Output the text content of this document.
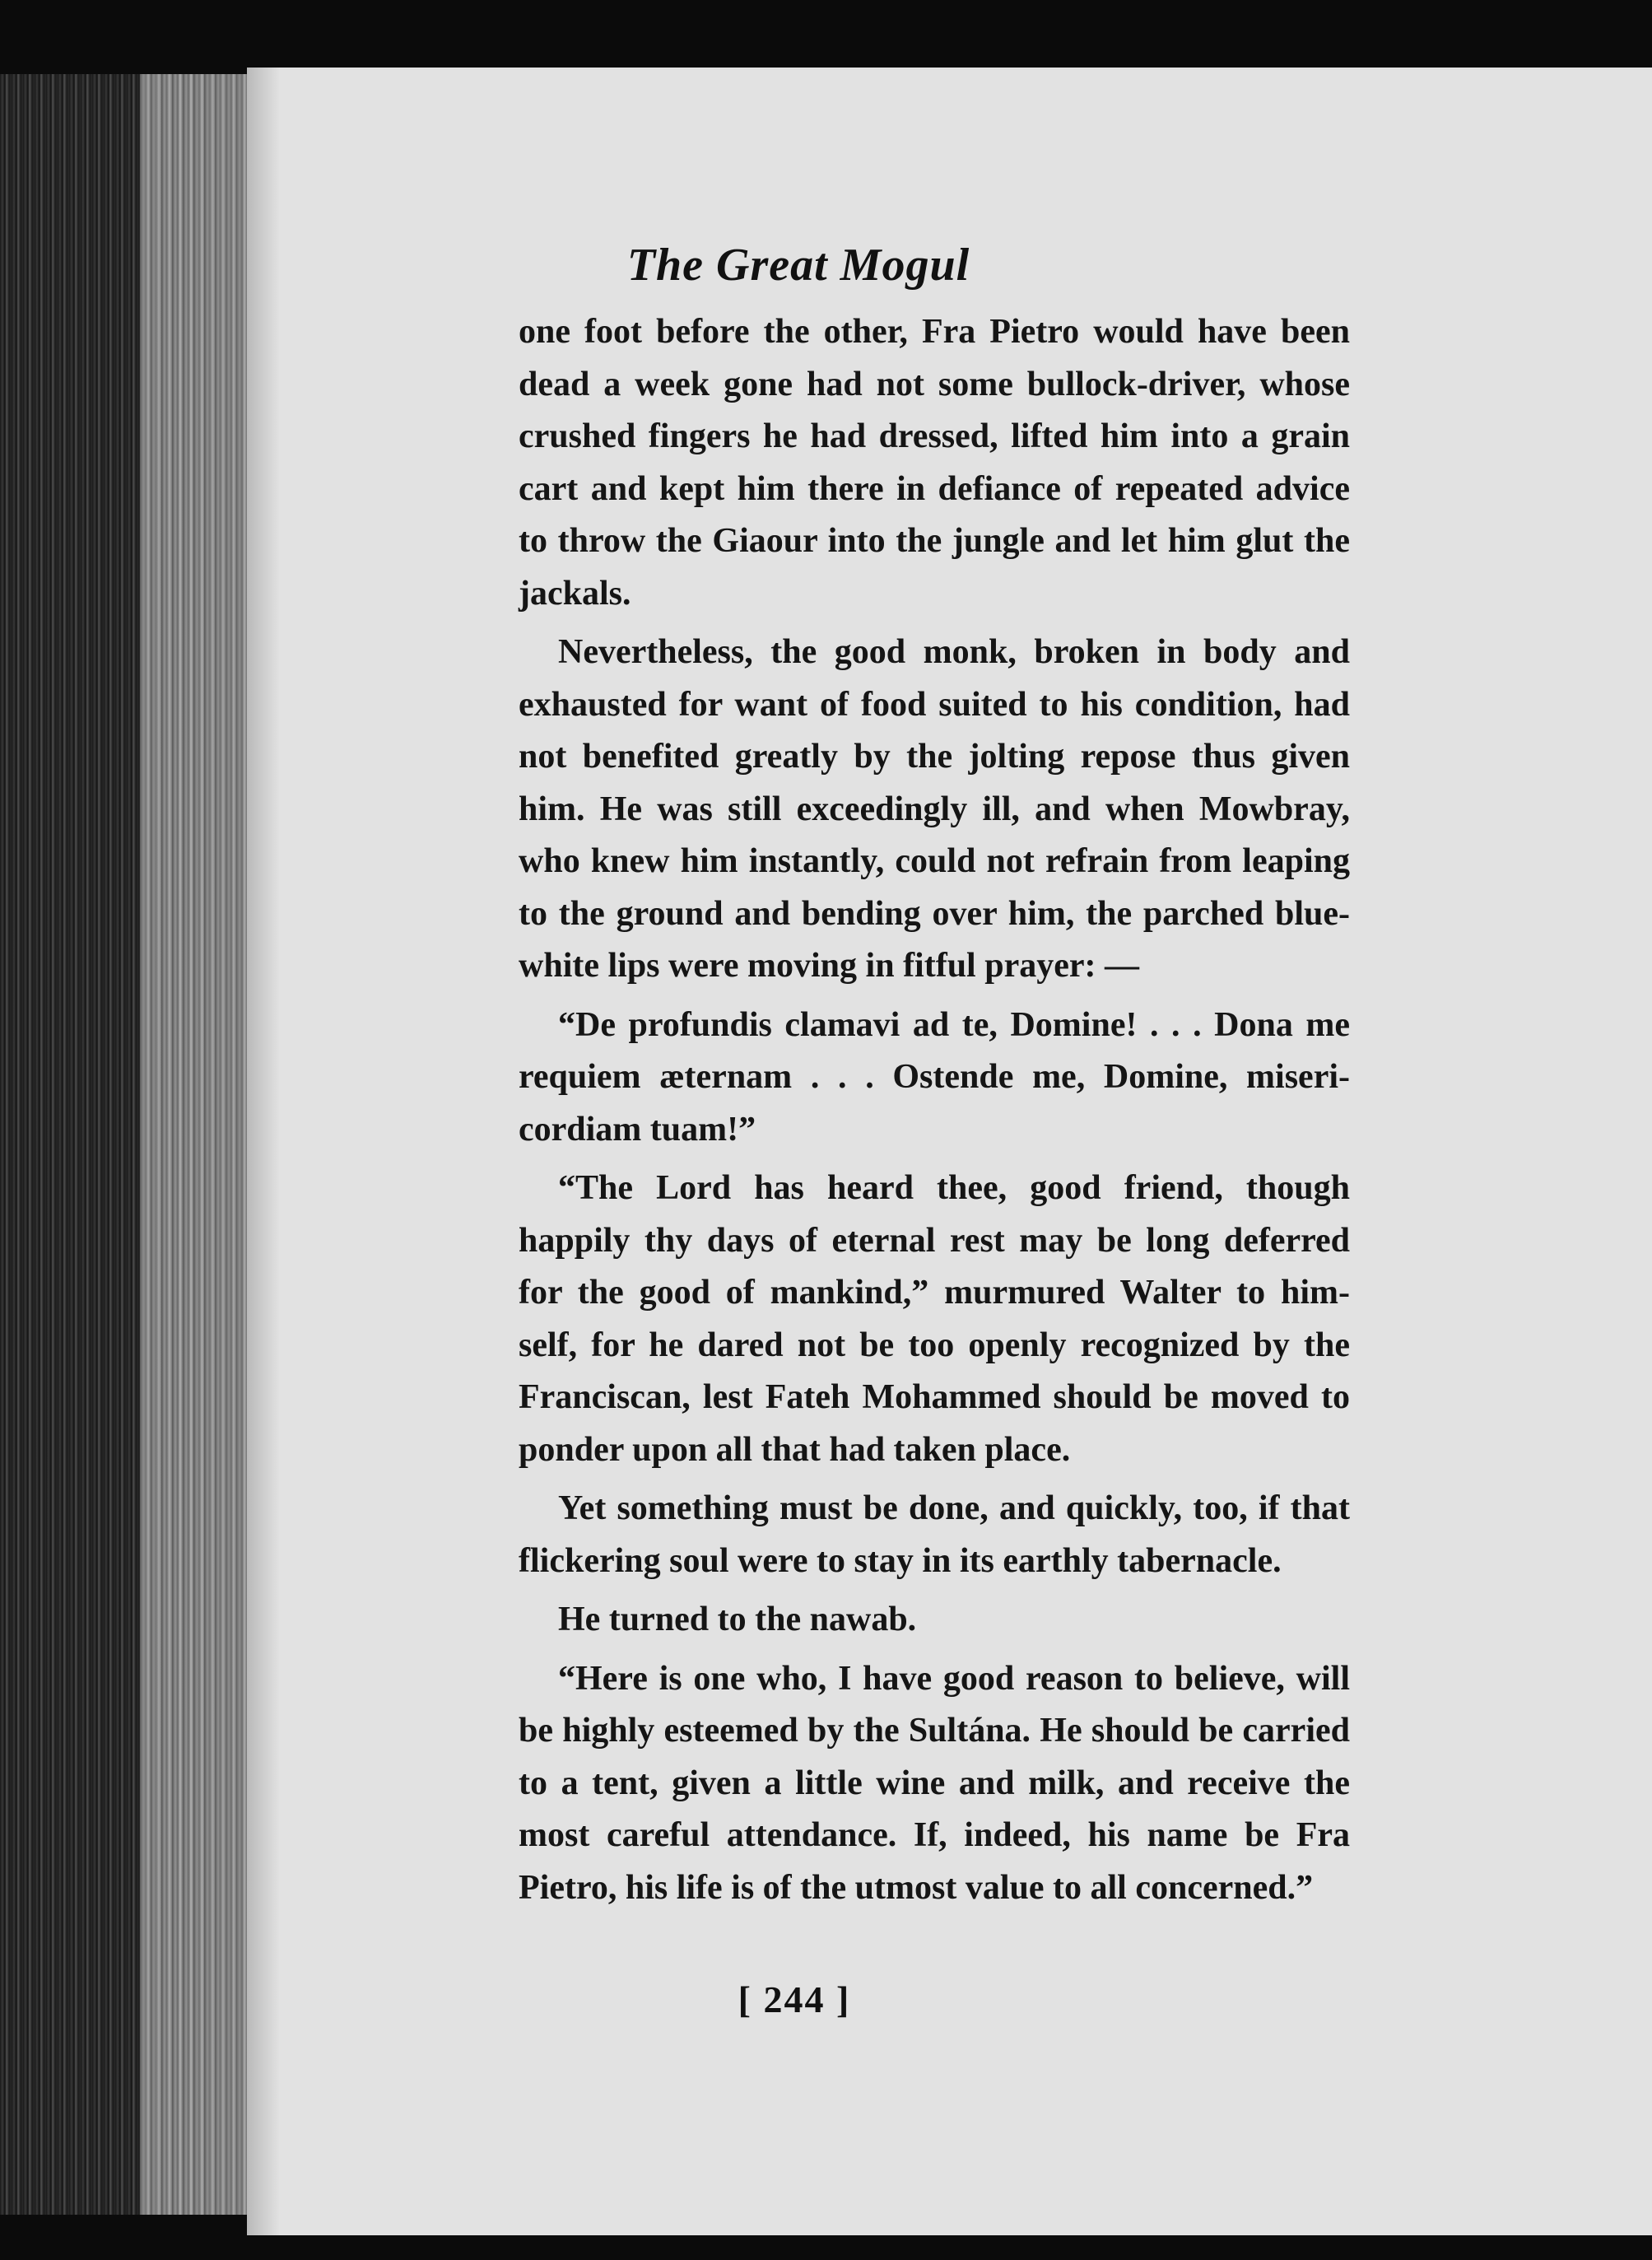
The Great Mogul

one foot before the other, Fra Pietro would have been dead a week gone had not some bullock-driver, whose crushed fingers he had dressed, lifted him into a grain cart and kept him there in defiance of repeated advice to throw the Giaour into the jungle and let him glut the jackals.

Nevertheless, the good monk, broken in body and exhausted for want of food suited to his condition, had not benefited greatly by the jolting repose thus given him. He was still exceedingly ill, and when Mowbray, who knew him instantly, could not refrain from leaping to the ground and bending over him, the parched blue-white lips were moving in fitful prayer: —

“De profundis clamavi ad te, Domine! . . . Dona me requiem æternam . . . Ostende me, Domine, miseri-cordiam tuam!”

“The Lord has heard thee, good friend, though happily thy days of eternal rest may be long deferred for the good of mankind,” murmured Walter to him-self, for he dared not be too openly recognized by the Franciscan, lest Fateh Mohammed should be moved to ponder upon all that had taken place.

Yet something must be done, and quickly, too, if that flickering soul were to stay in its earthly tabernacle.

He turned to the nawab.

“Here is one who, I have good reason to believe, will be highly esteemed by the Sultána. He should be carried to a tent, given a little wine and milk, and receive the most careful attendance. If, indeed, his name be Fra Pietro, his life is of the utmost value to all concerned.”

[ 244 ]
